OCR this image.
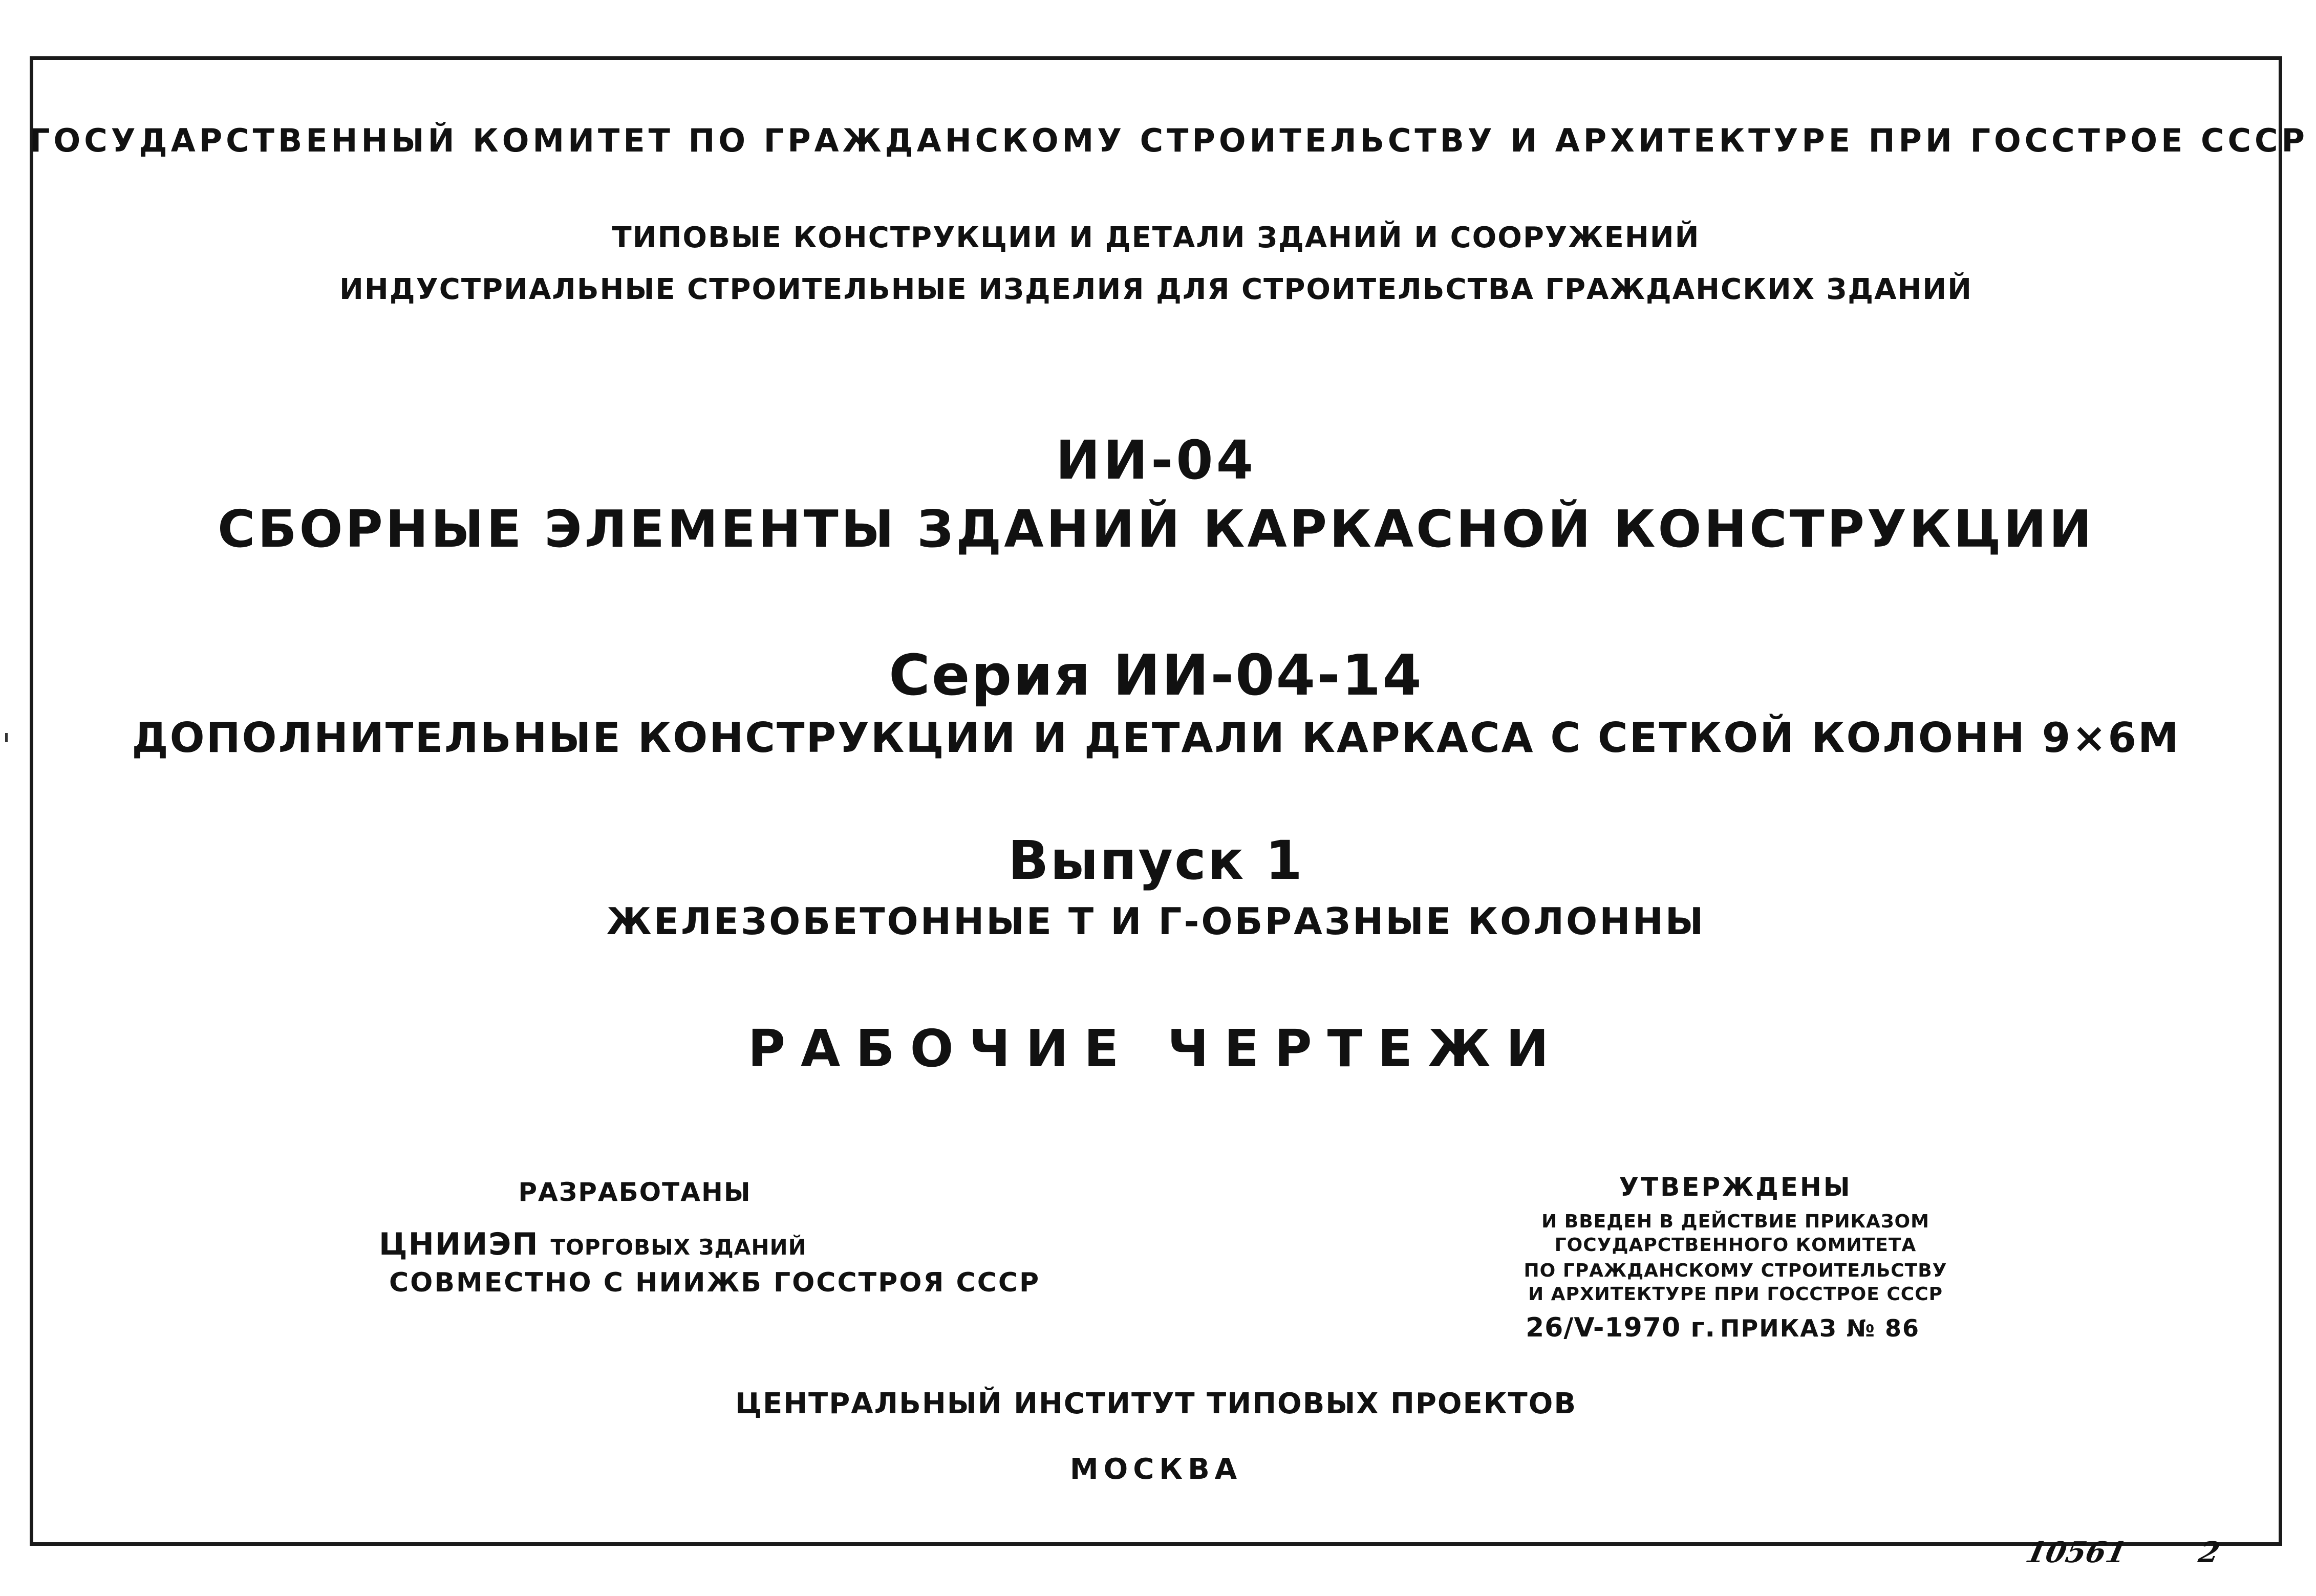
ГОСУДАРСТВЕННЫЙ КОМИТЕТ ПО ГРАЖДАНСКОМУ СТРОИТЕЛЬСТВУ И АРХИТЕКТУРЕ ПРИ ГОССТРОЕ СССР
ТИПОВЫЕ КОНСТРУКЦИИ И ДЕТАЛИ ЗДАНИЙ И СООРУЖЕНИЙ
ИНДУСТРИАЛЬНЫЕ СТРОИТЕЛЬНЫЕ ИЗДЕЛИЯ ДЛЯ СТРОИТЕЛЬСТВА ГРАЖДАНСКИХ ЗДАНИЙ
ИИ-04
СБОРНЫЕ ЭЛЕМЕНТЫ ЗДАНИЙ КАРКАСНОЙ КОНСТРУКЦИИ
Серия ИИ-04-14
ДОПОЛНИТЕЛЬНЫЕ КОНСТРУКЦИИ И ДЕТАЛИ КАРКАСА С СЕТКОЙ КОЛОНН 9×6М
Выпуск 1
ЖЕЛЕЗОБЕТОННЫЕ Т И Г-ОБРАЗНЫЕ КОЛОННЫ
РАБОЧИЕ ЧЕРТЕЖИ
РАЗРАБОТАНЫ
ЦНИИЭП ТОРГОВЫХ ЗДАНИЙ
СОВМЕСТНО С НИИЖБ ГОССТРОЯ СССР
УТВЕРЖДЕНЫ
И ВВЕДЕН В ДЕЙСТВИЕ ПРИКАЗОМ
ГОСУДАРСТВЕННОГО КОМИТЕТА
ПО ГРАЖДАНСКОМУ СТРОИТЕЛЬСТВУ
И АРХИТЕКТУРЕ ПРИ ГОССТРОЕ СССР
26/V-1970 г. ПРИКАЗ № 86
ЦЕНТРАЛЬНЫЙ ИНСТИТУТ ТИПОВЫХ ПРОЕКТОВ
МОСКВА
10561 2
